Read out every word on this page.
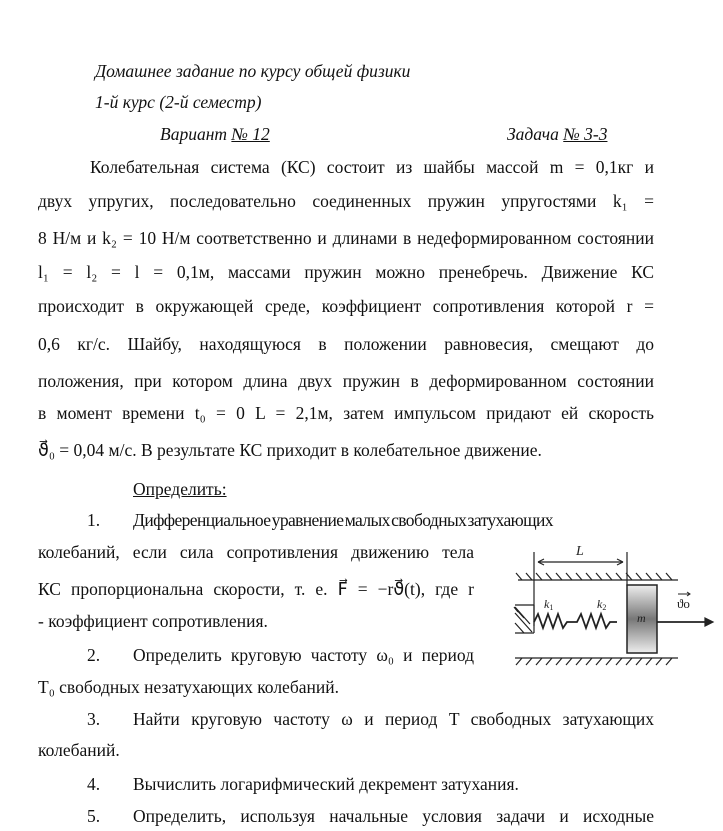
Домашнее задание по курсу общей физики
1-й курс (2-й семестр)
Вариант № 12	Задача № 3-3
Определить:
L
k1	k2
m
ϑo
Колебательная система (КС) состоит из шайбы массой m = 0,1кг и
двух упругих, последовательно соединенных пружин упругостями k₁ =
8 Н/м и k₂ = 10 Н/м соответственно и длинами в недеформированном состоянии
l₁ = l₂ = l = 0,1м, массами пружин можно пренебречь. Движение КС
происходит в окружающей среде, коэффициент сопротивления которой r =
0,6 кг/с. Шайбу, находящуюся в положении равновесия, смещают до
положения, при котором длина двух пружин в деформированном состоянии
в момент времени t₀ = 0 L = 2,1м, затем импульсом придают ей скорость
ϑ⃗₀ = 0,04 м/с. В результате КС приходит в колебательное движение.
1. Дифференциальное уравнение малых свободных затухающих
колебаний, если сила сопротивления движению тела
КС пропорциональна скорости, т. е. F⃗ = −rϑ⃗(t), где r
- коэффициент сопротивления.
2. Определить круговую частоту ω₀ и период
T₀ свободных незатухающих колебаний.
3. Найти круговую частоту ω и период T свободных затухающих
колебаний.
4. Вычислить логарифмический декремент затухания.
5. Определить, используя начальные условия задачи и исходные
